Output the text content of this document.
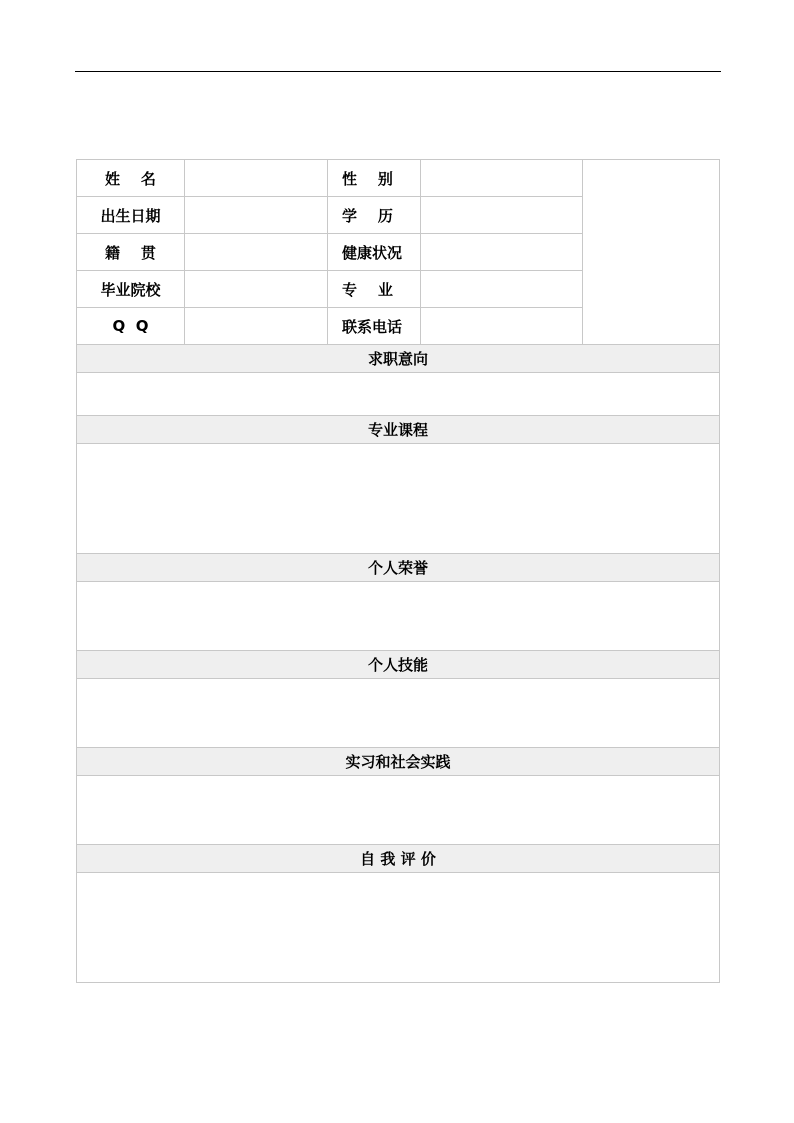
姓    名		性    别		
出生日期		学    历		
籍    贯		健康状况		
毕业院校		专    业		
Q  Q		联系电话		
求职意向				

专业课程				

个人荣誉				

个人技能				

实习和社会实践				

自 我 评 价				
